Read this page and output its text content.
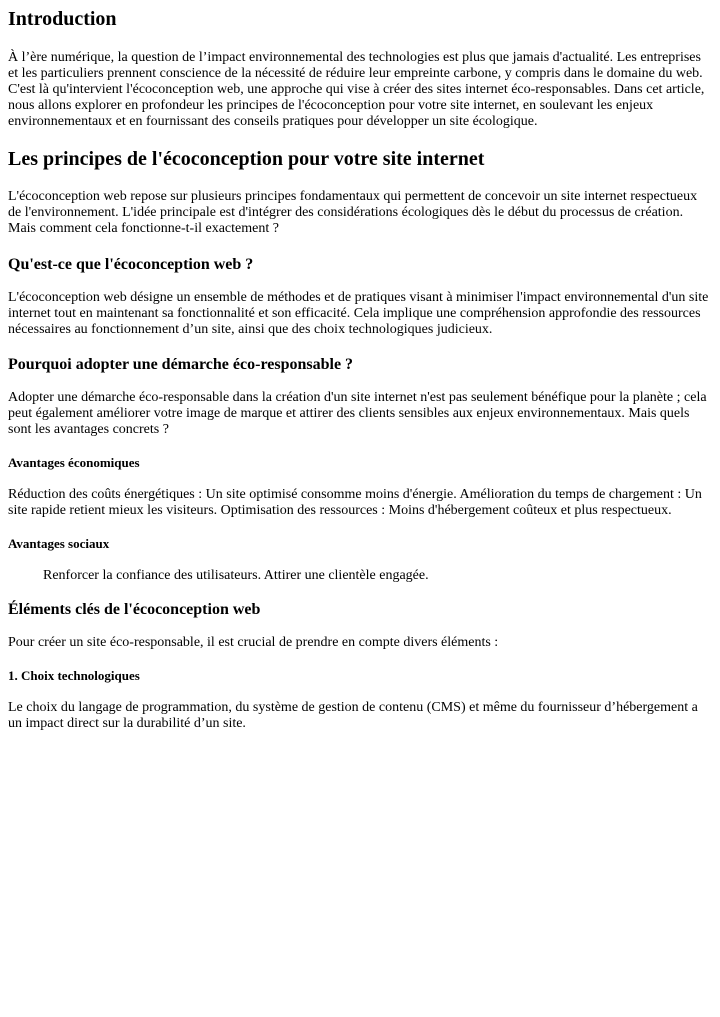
Introduction

À l’ère numérique, la question de l’impact environnemental des technologies est plus que jamais d'actualité. Les entreprises et les particuliers prennent conscience de la nécessité de réduire leur empreinte carbone, y compris dans le domaine du web. C'est là qu'intervient l'écoconception web, une approche qui vise à créer des sites internet éco-responsables. Dans cet article, nous allons explorer en profondeur les principes de l'écoconception pour votre site internet, en soulevant les enjeux environnementaux et en fournissant des conseils pratiques pour développer un site écologique.

Les principes de l'écoconception pour votre site internet

L'écoconception web repose sur plusieurs principes fondamentaux qui permettent de concevoir un site internet respectueux de l'environnement. L'idée principale est d'intégrer des considérations écologiques dès le début du processus de création. Mais comment cela fonctionne-t-il exactement ?

Qu'est-ce que l'écoconception web ?

L'écoconception web désigne un ensemble de méthodes et de pratiques visant à minimiser l'impact environnemental d'un site internet tout en maintenant sa fonctionnalité et son efficacité. Cela implique une compréhension approfondie des ressources nécessaires au fonctionnement d’un site, ainsi que des choix technologiques judicieux.

Pourquoi adopter une démarche éco-responsable ?

Adopter une démarche éco-responsable dans la création d'un site internet n'est pas seulement bénéfique pour la planète ; cela peut également améliorer votre image de marque et attirer des clients sensibles aux enjeux environnementaux. Mais quels sont les avantages concrets ?

Avantages économiques

Réduction des coûts énergétiques : Un site optimisé consomme moins d'énergie. Amélioration du temps de chargement : Un site rapide retient mieux les visiteurs. Optimisation des ressources : Moins d'hébergement coûteux et plus respectueux.

Avantages sociaux

Renforcer la confiance des utilisateurs. Attirer une clientèle engagée.

Éléments clés de l'écoconception web

Pour créer un site éco-responsable, il est crucial de prendre en compte divers éléments :

1. Choix technologiques

Le choix du langage de programmation, du système de gestion de contenu (CMS) et même du fournisseur d’hébergement a un impact direct sur la durabilité d’un site.
